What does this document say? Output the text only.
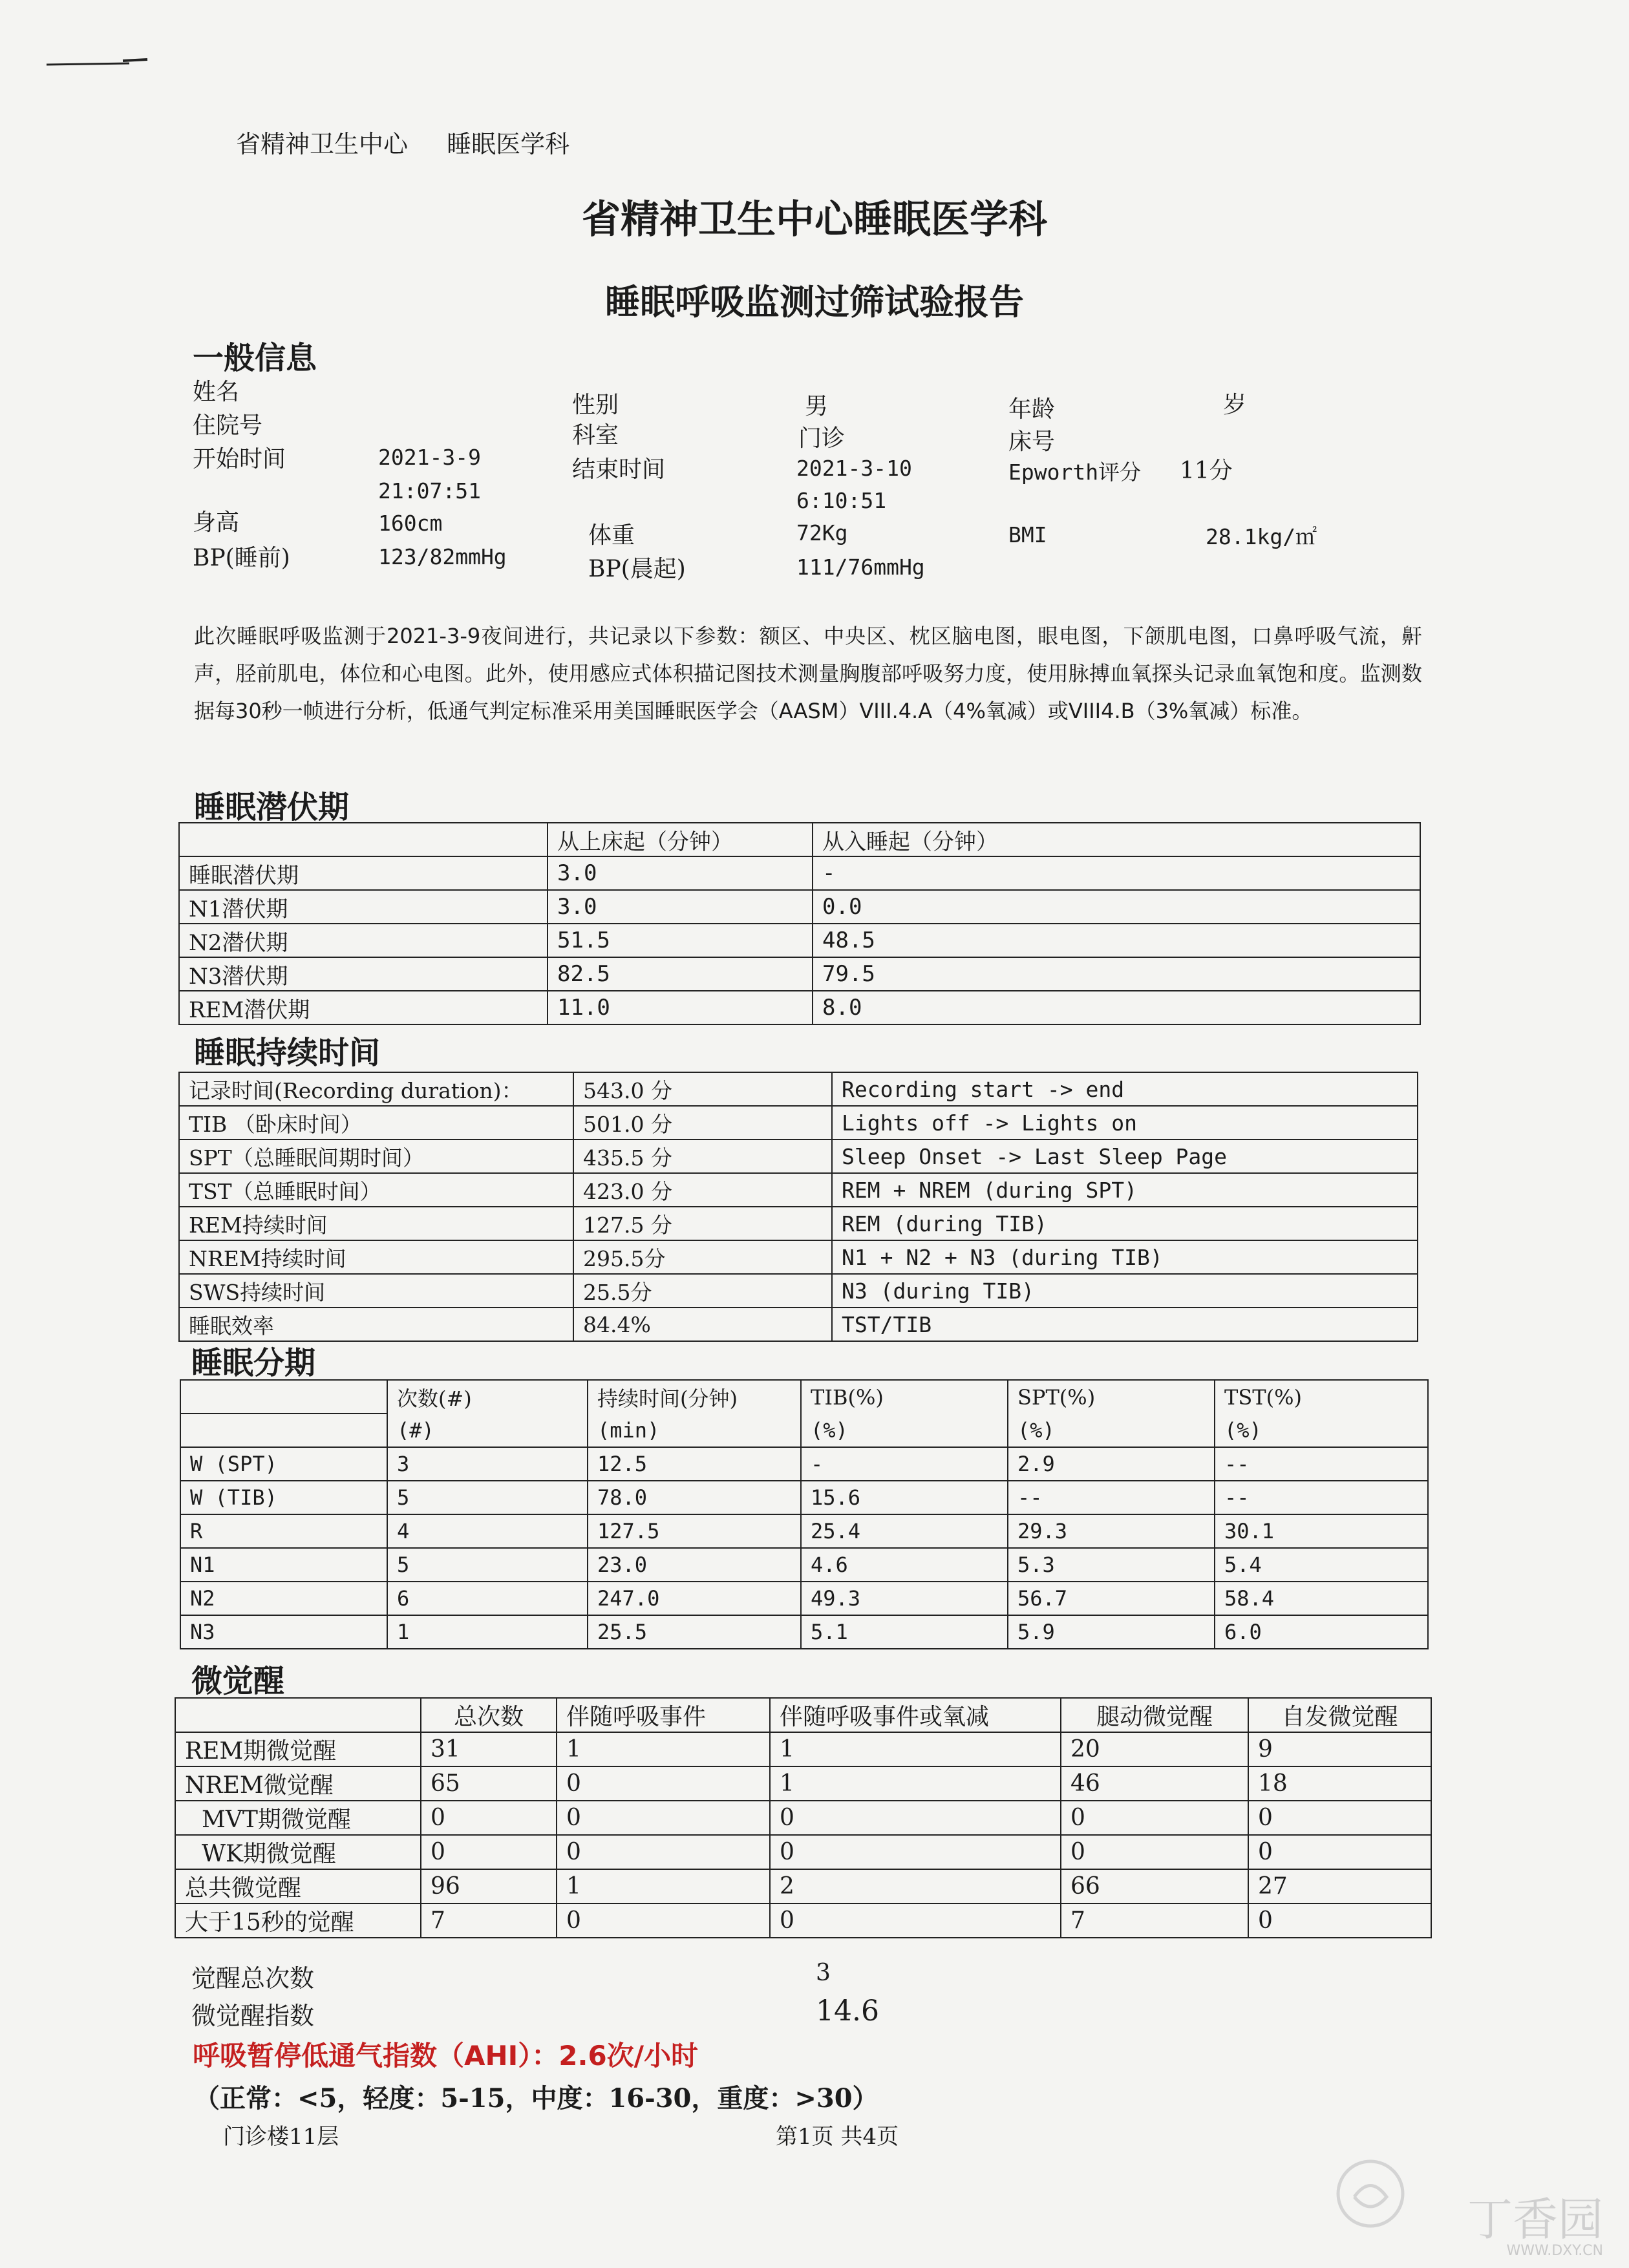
省精神卫生中心 睡眠医学科
省精神卫生中心睡眠医学科
睡眠呼吸监测过筛试验报告
一般信息
姓名	性别	男	年龄	岁
住院号	科室	门诊	床号
开始时间	2021-3-9
21:07:51
结束时间	2021-3-10
6:10:51
Epworth评分 11分
身高	160cm	体重	72Kg	BMI	28.1kg/㎡
BP(睡前)	123/82mmHg	BP(晨起)	111/76mmHg
此次睡眠呼吸监测于2021-3-9夜间进行，共记录以下参数：额区、中央区、枕区脑电图，眼电图，下颌肌电图，口鼻呼吸气流，鼾声，胫前肌电，体位和心电图。此外，使用感应式体积描记图技术测量胸腹部呼吸努力度，使用脉搏血氧探头记录血氧饱和度。监测数据每30秒一帧进行分析，低通气判定标准采用美国睡眠医学会（AASM）VIII.4.A（4%氧减）或VIII4.B（3%氧减）标准。
睡眠潜伏期
	从上床起（分钟）	从入睡起（分钟）
睡眠潜伏期	3.0	-
N1潜伏期	3.0	0.0
N2潜伏期	51.5	48.5
N3潜伏期	82.5	79.5
REM潜伏期	11.0	8.0
睡眠持续时间
记录时间(Recording duration)：	543.0 分	Recording start -> end
TIB （卧床时间）	501.0 分	Lights off -> Lights on
SPT（总睡眠间期时间）	435.5 分	Sleep Onset -> Last Sleep Page
TST（总睡眠时间）	423.0 分	REM + NREM (during SPT)
REM持续时间	127.5 分	REM (during TIB)
NREM持续时间	295.5分	N1 + N2 + N3 (during TIB)
SWS持续时间	25.5分	N3 (during TIB)
睡眠效率	84.4%	TST/TIB
睡眠分期
	次数(#)	持续时间(分钟)	TIB(%)	SPT(%)	TST(%)
	(#)	(min)	(%)	(%)	(%)
W (SPT)	3	12.5	-	2.9	--
W (TIB)	5	78.0	15.6	--	--
R	4	127.5	25.4	29.3	30.1
N1	5	23.0	4.6	5.3	5.4
N2	6	247.0	49.3	56.7	58.4
N3	1	25.5	5.1	5.9	6.0
微觉醒
	总次数	伴随呼吸事件	伴随呼吸事件或氧减	腿动微觉醒	自发微觉醒
REM期微觉醒	31	1	1	20	9
NREM微觉醒	65	0	1	46	18
MVT期微觉醒	0	0	0	0	0
WK期微觉醒	0	0	0	0	0
总共微觉醒	96	1	2	66	27
大于15秒的觉醒	7	0	0	7	0
觉醒总次数	3
微觉醒指数	14.6
呼吸暂停低通气指数（AHI）：2.6次/小时
（正常：<5，轻度：5-15，中度：16-30，重度：>30）
门诊楼11层	第1页 共4页
丁香园
WWW.DXY.CN
